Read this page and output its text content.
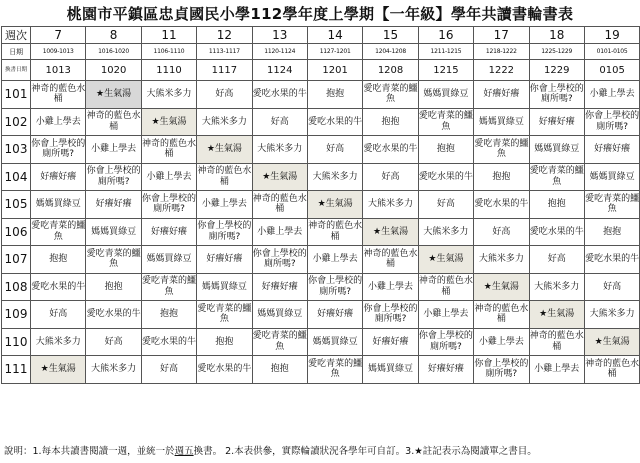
桃園市平鎮區忠貞國民小學112學年度上學期【一年級】學年共讀書輪書表
週次	7	8	11	12	13	14	15	16	17	18	19
日期	1009-1013	1016-1020	1106-1110	1113-1117	1120-1124	1127-1201	1204-1208	1211-1215	1218-1222	1225-1229	0101-0105
換書日期	1013	1020	1110	1117	1124	1201	1208	1215	1222	1229	0105
101	神奇的藍色水桶	★生氣湯	大熊米多力	好高	愛吃水果的牛	抱抱	愛吃青菜的鱷魚	媽媽買綠豆	好癢好癢	你會上學校的廁所嗎?	小雞上學去
102	小雞上學去	神奇的藍色水桶	★生氣湯	大熊米多力	好高	愛吃水果的牛	抱抱	愛吃青菜的鱷魚	媽媽買綠豆	好癢好癢	你會上學校的廁所嗎?
103	你會上學校的廁所嗎?	小雞上學去	神奇的藍色水桶	★生氣湯	大熊米多力	好高	愛吃水果的牛	抱抱	愛吃青菜的鱷魚	媽媽買綠豆	好癢好癢
104	好癢好癢	你會上學校的廁所嗎?	小雞上學去	神奇的藍色水桶	★生氣湯	大熊米多力	好高	愛吃水果的牛	抱抱	愛吃青菜的鱷魚	媽媽買綠豆
105	媽媽買綠豆	好癢好癢	你會上學校的廁所嗎?	小雞上學去	神奇的藍色水桶	★生氣湯	大熊米多力	好高	愛吃水果的牛	抱抱	愛吃青菜的鱷魚
106	愛吃青菜的鱷魚	媽媽買綠豆	好癢好癢	你會上學校的廁所嗎?	小雞上學去	神奇的藍色水桶	★生氣湯	大熊米多力	好高	愛吃水果的牛	抱抱
107	抱抱	愛吃青菜的鱷魚	媽媽買綠豆	好癢好癢	你會上學校的廁所嗎?	小雞上學去	神奇的藍色水桶	★生氣湯	大熊米多力	好高	愛吃水果的牛
108	愛吃水果的牛	抱抱	愛吃青菜的鱷魚	媽媽買綠豆	好癢好癢	你會上學校的廁所嗎?	小雞上學去	神奇的藍色水桶	★生氣湯	大熊米多力	好高
109	好高	愛吃水果的牛	抱抱	愛吃青菜的鱷魚	媽媽買綠豆	好癢好癢	你會上學校的廁所嗎?	小雞上學去	神奇的藍色水桶	★生氣湯	大熊米多力
110	大熊米多力	好高	愛吃水果的牛	抱抱	愛吃青菜的鱷魚	媽媽買綠豆	好癢好癢	你會上學校的廁所嗎?	小雞上學去	神奇的藍色水桶	★生氣湯
111	★生氣湯	大熊米多力	好高	愛吃水果的牛	抱抱	愛吃青菜的鱷魚	媽媽買綠豆	好癢好癢	你會上學校的廁所嗎?	小雞上學去	神奇的藍色水桶
說明：1.每本共讀書閱讀一週，並統一於 週五 換書。 2.本表供參，實際輪讀狀況各學年可自訂。3.★註記表示為閱讀單之書目。
